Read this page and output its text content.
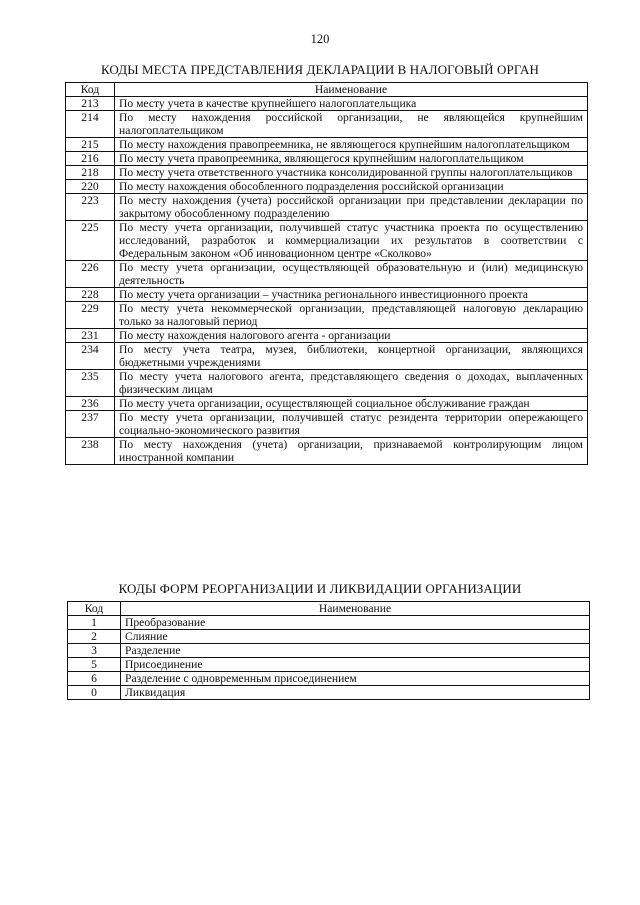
120
КОДЫ МЕСТА ПРЕДСТАВЛЕНИЯ ДЕКЛАРАЦИИ В НАЛОГОВЫЙ ОРГАН
Код	Наименование
213	По месту учета в качестве крупнейшего налогоплательщика
214	По месту нахождения российской организации, не являющейся крупнейшим налогоплательщиком
215	По месту нахождения правопреемника, не являющегося крупнейшим налогоплательщиком
216	По месту учета правопреемника, являющегося крупнейшим налогоплательщиком
218	По месту учета ответственного участника консолидированной группы налогоплательщиков
220	По месту нахождения обособленного подразделения российской организации
223	По месту нахождения (учета) российской организации при представлении декларации по закрытому обособленному подразделению
225	По месту учета организации, получившей статус участника проекта по осуществлению исследований, разработок и коммерциализации их результатов в соответствии с Федеральным законом «Об инновационном центре «Сколково»
226	По месту учета организации, осуществляющей образовательную и (или) медицинскую деятельность
228	По месту учета организации – участника регионального инвестиционного проекта
229	По месту учета некоммерческой организации, представляющей налоговую декларацию только за налоговый период
231	По месту нахождения налогового агента - организации
234	По месту учета театра, музея, библиотеки, концертной организации, являющихся бюджетными учреждениями
235	По месту учета налогового агента, представляющего сведения о доходах, выплаченных физическим лицам
236	По месту учета организации, осуществляющей социальное обслуживание граждан
237	По месту учета организации, получившей статус резидента территории опережающего социально-экономического развития
238	По месту нахождения (учета) организации, признаваемой контролирующим лицом иностранной компании
КОДЫ ФОРМ РЕОРГАНИЗАЦИИ И ЛИКВИДАЦИИ ОРГАНИЗАЦИИ
Код	Наименование
1	Преобразование
2	Слияние
3	Разделение
5	Присоединение
6	Разделение с одновременным присоединением
0	Ликвидация
